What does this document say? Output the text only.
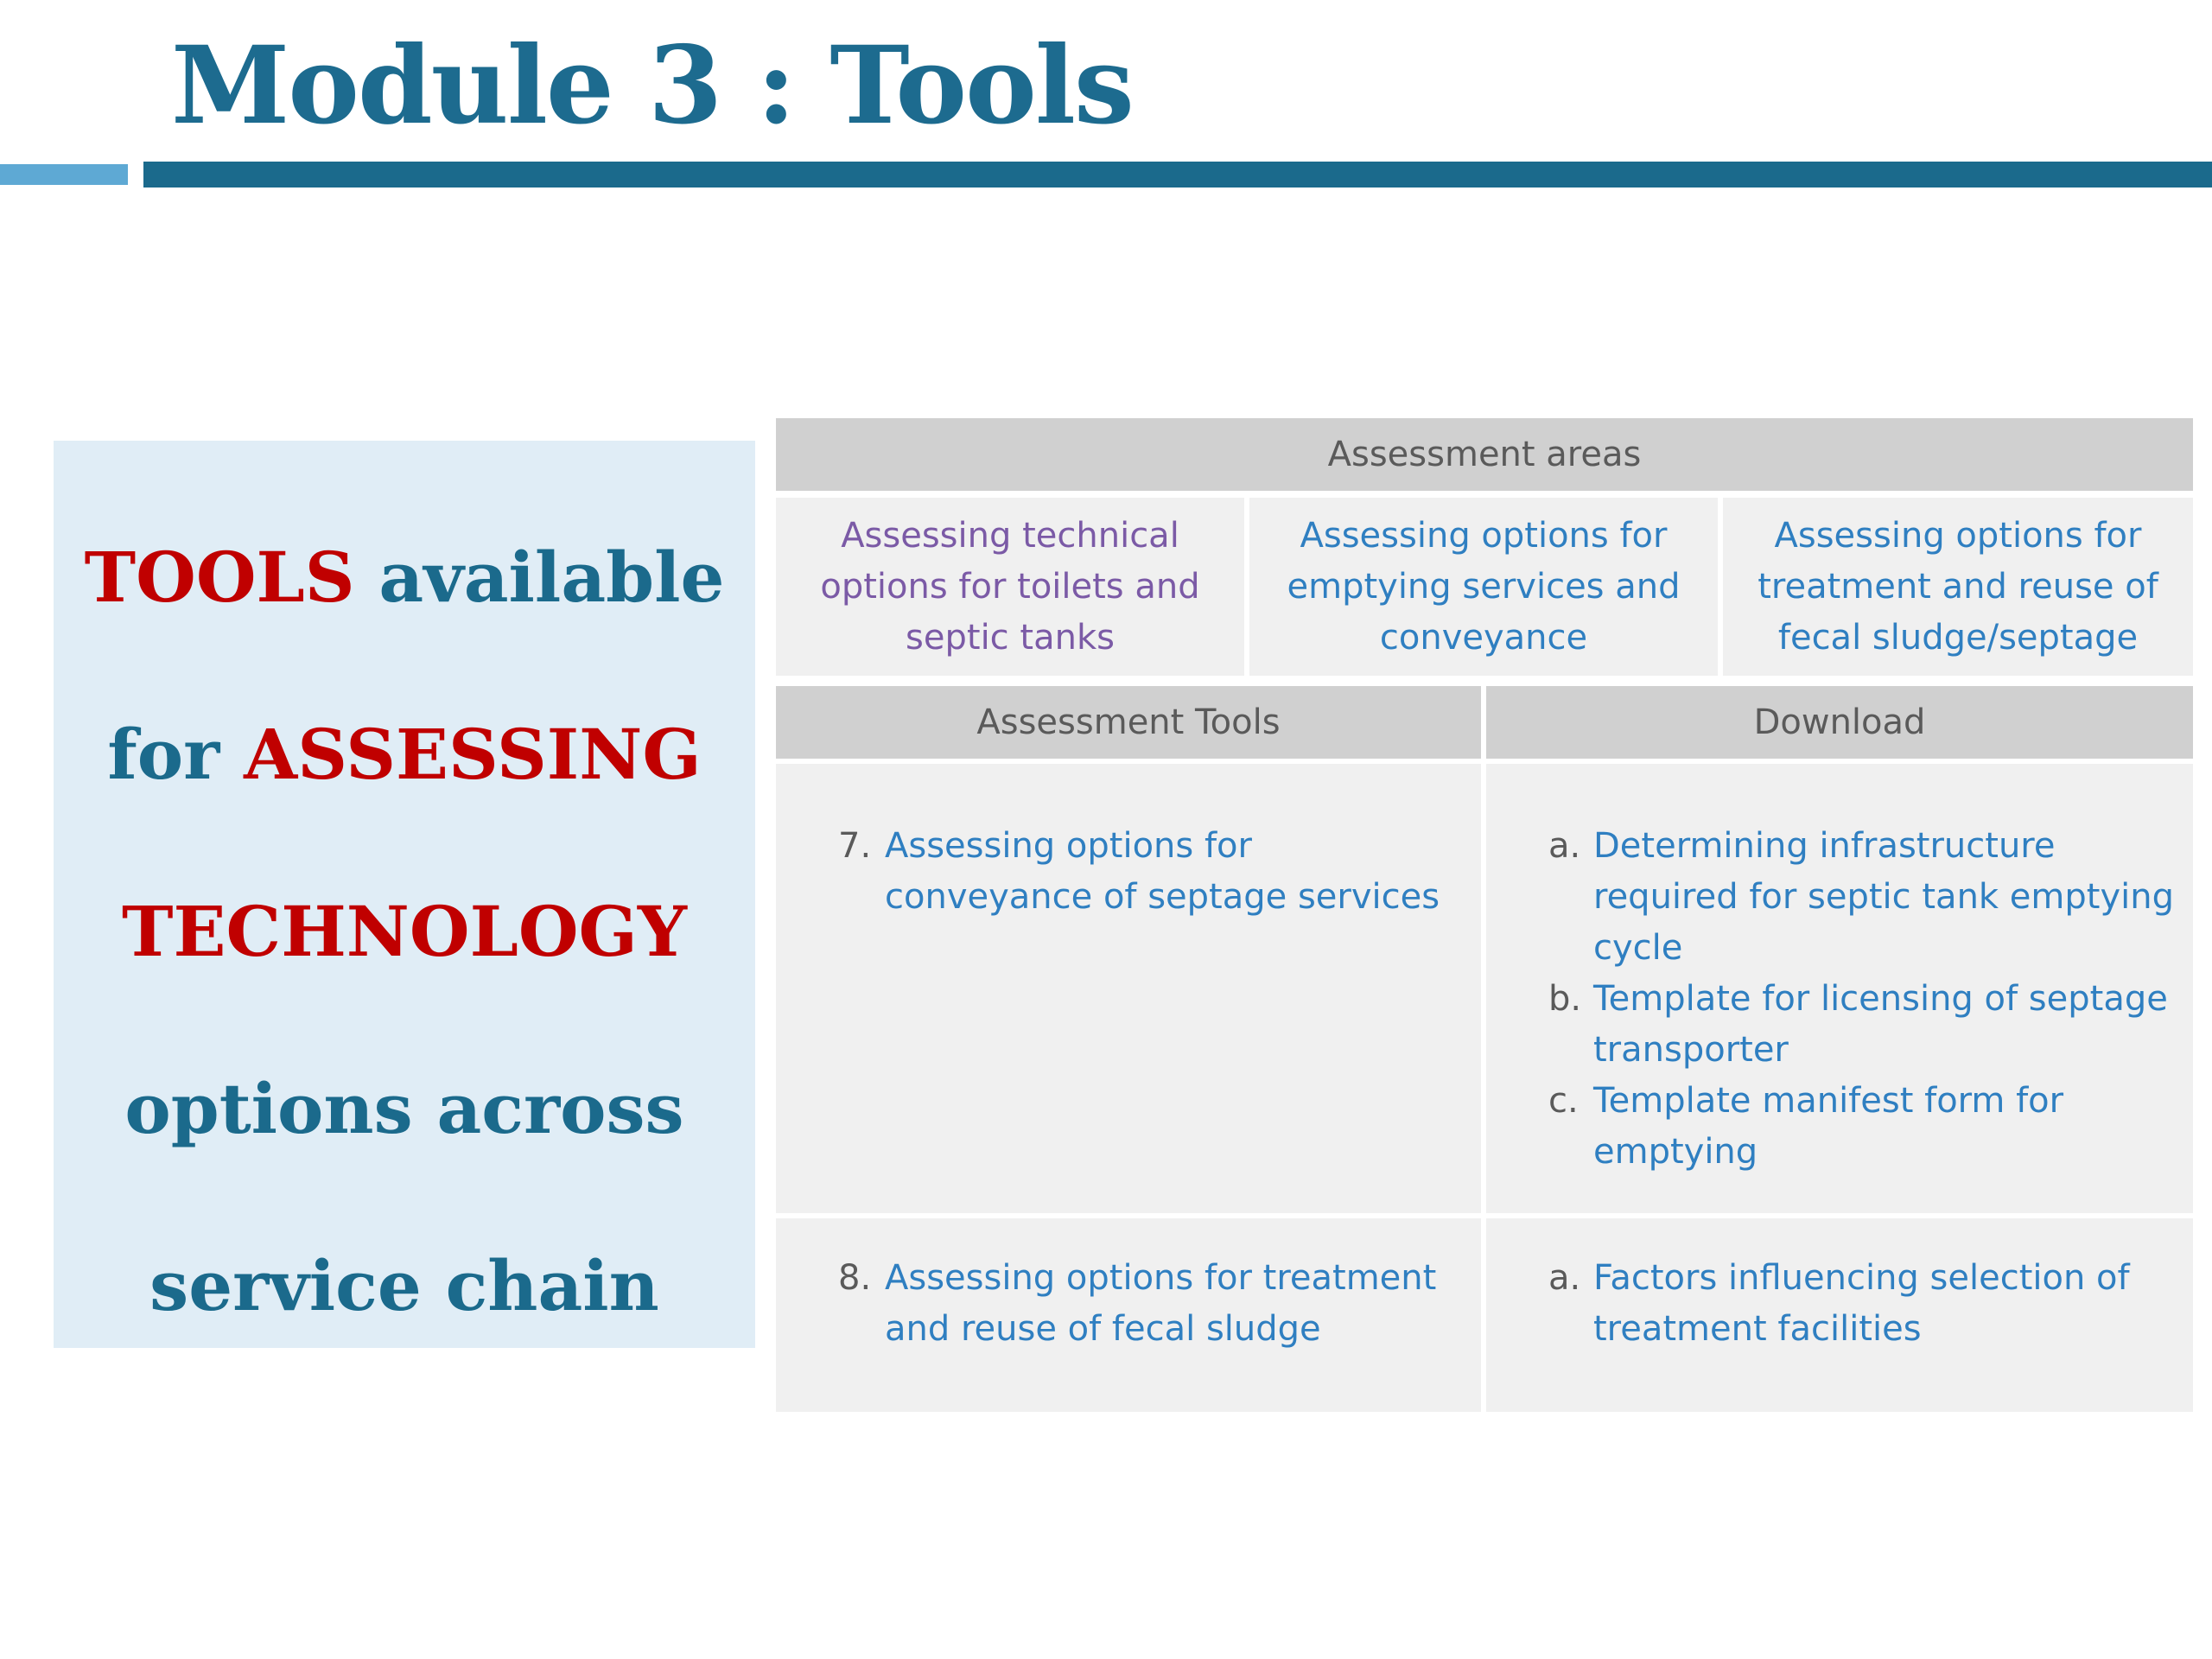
Module 3 : Tools
TOOLS available
for ASSESSING
TECHNOLOGY
options across
service chain
Assessment areas
Assessing technical options for toilets and septic tanks
Assessing options for emptying services and conveyance
Assessing options for treatment and reuse of fecal sludge/septage
Assessment Tools	Download
7. Assessing options for conveyance of septage services
a. Determining infrastructure required for septic tank emptying cycle
b. Template for licensing of septage transporter
c. Template manifest form for emptying
8. Assessing options for treatment and reuse of fecal sludge
a. Factors influencing selection of treatment facilities
